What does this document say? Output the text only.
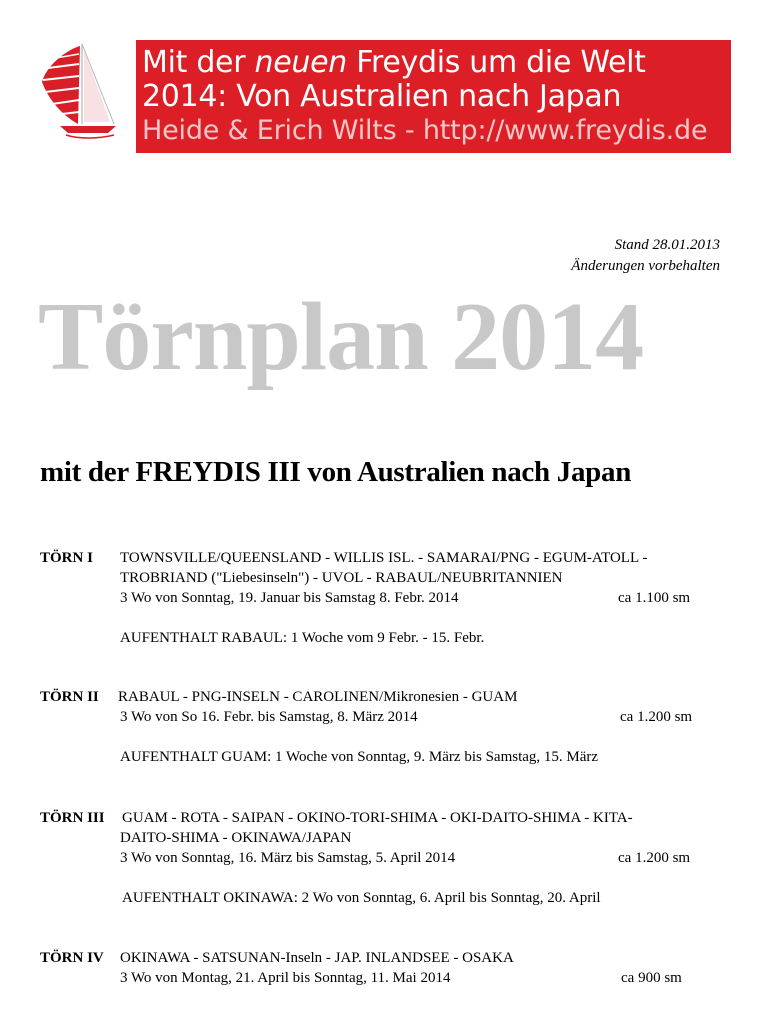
Mit der neuen Freydis um die Welt
2014: Von Australien nach Japan
Heide & Erich Wilts - http://www.freydis.de
Stand 28.01.2013
Änderungen vorbehalten
Törnplan 2014
mit der FREYDIS III von Australien nach Japan
TÖRN I TOWNSVILLE/QUEENSLAND - WILLIS ISL. - SAMARAI/PNG - EGUM-ATOLL -
TROBRIAND ("Liebesinseln") - UVOL - RABAUL/NEUBRITANNIEN
3 Wo von Sonntag, 19. Januar bis Samstag 8. Febr. 2014	ca 1.100 sm
AUFENTHALT RABAUL: 1 Woche vom 9 Febr. - 15. Febr.
TÖRN II RABAUL - PNG-INSELN - CAROLINEN/Mikronesien - GUAM
3 Wo von So 16. Febr. bis Samstag, 8. März 2014	ca 1.200 sm
AUFENTHALT GUAM: 1 Woche von Sonntag, 9. März bis Samstag, 15. März
TÖRN III GUAM - ROTA - SAIPAN - OKINO-TORI-SHIMA - OKI-DAITO-SHIMA - KITA-
DAITO-SHIMA - OKINAWA/JAPAN
3 Wo von Sonntag, 16. März bis Samstag, 5. April 2014	ca 1.200 sm
AUFENTHALT OKINAWA: 2 Wo von Sonntag, 6. April bis Sonntag, 20. April
TÖRN IV OKINAWA - SATSUNAN-Inseln - JAP. INLANDSEE - OSAKA
3 Wo von Montag, 21. April bis Sonntag, 11. Mai 2014	ca 900 sm
